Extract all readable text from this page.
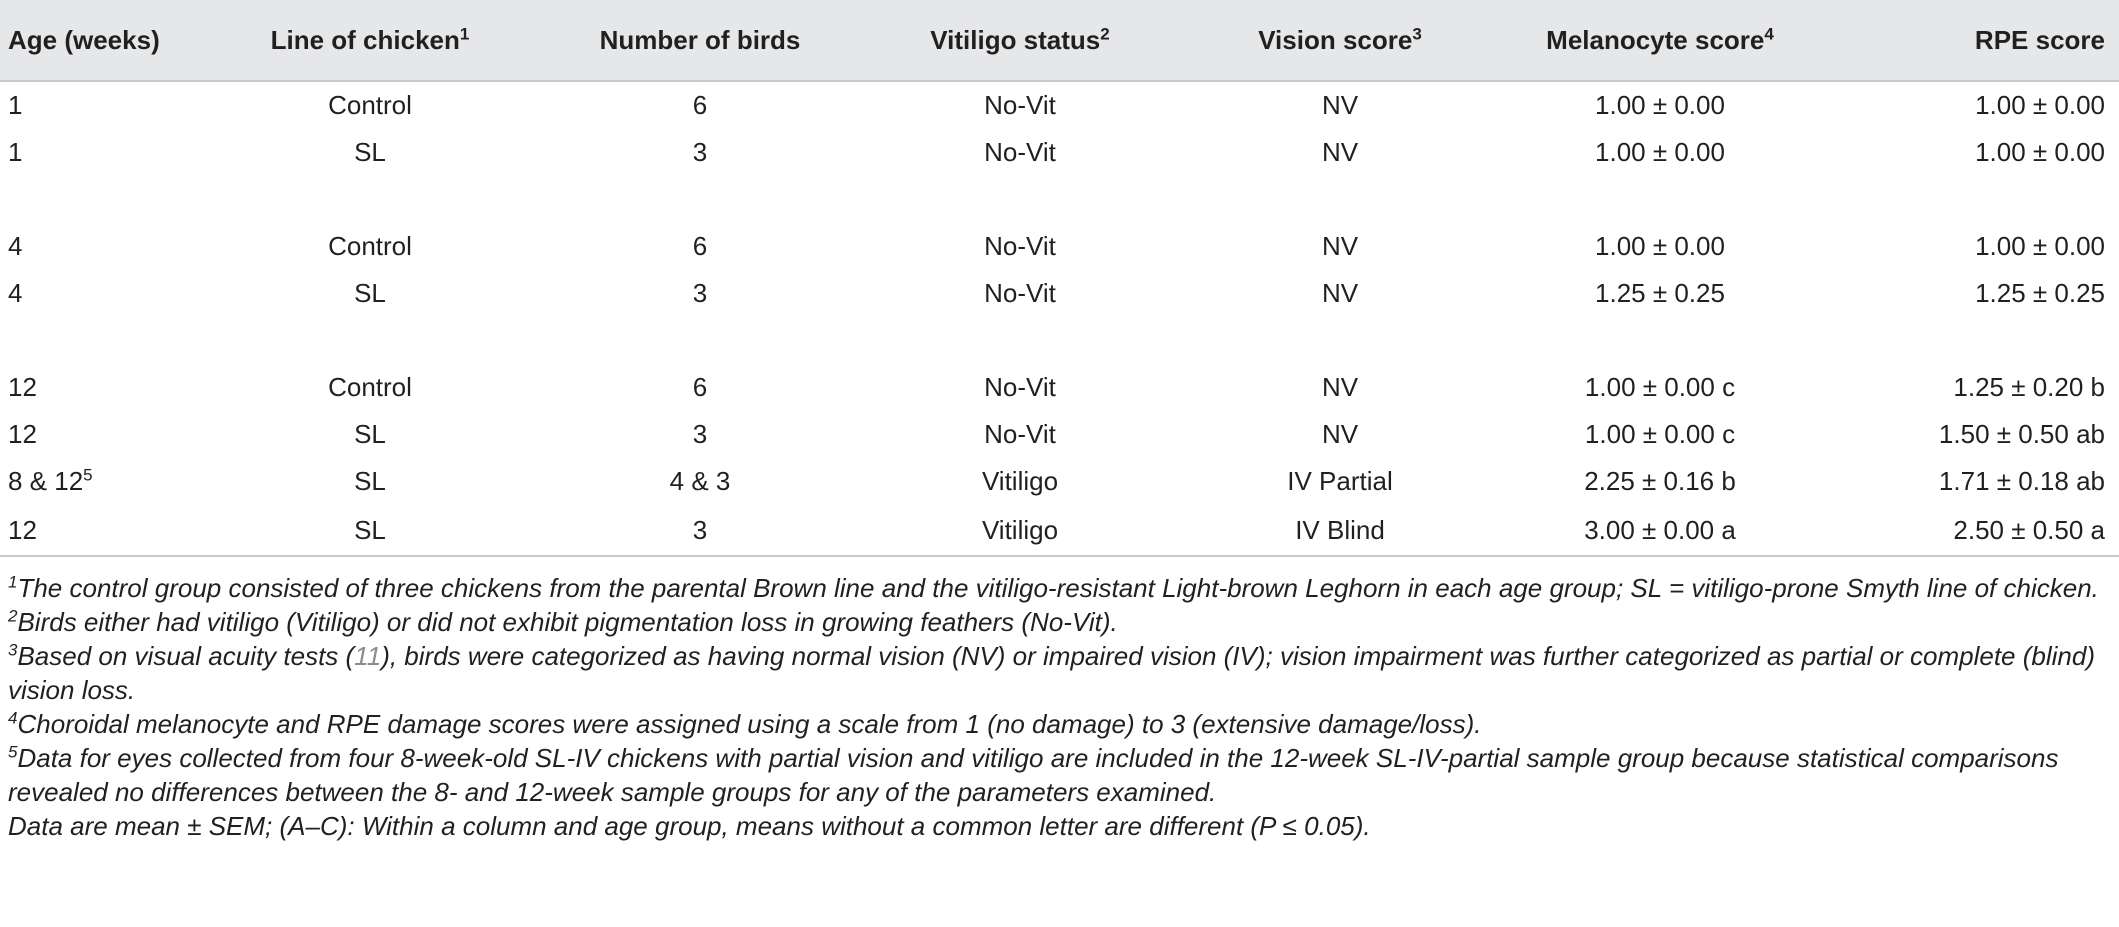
Age (weeks)	Line of chicken$^1$	Number of birds	Vitiligo status$^2$	Vision score$^3$	Melanocyte score$^4$	RPE score
1	Control	6	No-Vit	NV	1.00 ± 0.00	1.00 ± 0.00
1	SL	3	No-Vit	NV	1.00 ± 0.00	1.00 ± 0.00

4	Control	6	No-Vit	NV	1.00 ± 0.00	1.00 ± 0.00
4	SL	3	No-Vit	NV	1.25 ± 0.25	1.25 ± 0.25

12	Control	6	No-Vit	NV	1.00 ± 0.00 c	1.25 ± 0.20 b
12	SL	3	No-Vit	NV	1.00 ± 0.00 c	1.50 ± 0.50 ab
8 & $12^5$	SL	4 & 3	Vitiligo	IV Partial	2.25 ± 0.16 b	1.71 ± 0.18 ab
12	SL	3	Vitiligo	IV Blind	3.00 ± 0.00 a	2.50 ± 0.50 a

$^1$The control group consisted of three chickens from the parental Brown line and the vitiligo-resistant Light-brown Leghorn in each age group; SL = vitiligo-prone Smyth line of chicken.

$^2$Birds either had vitiligo (Vitiligo) or did not exhibit pigmentation loss in growing feathers (No-Vit).

$^3$Based on visual acuity tests (11), birds were categorized as having normal vision (NV) or impaired vision (IV); vision impairment was further categorized as partial or complete (blind) vision loss.

$^4$Choroidal melanocyte and RPE damage scores were assigned using a scale from 1 (no damage) to 3 (extensive damage/loss).

$^5$Data for eyes collected from four 8-week-old SL-IV chickens with partial vision and vitiligo are included in the 12-week SL-IV-partial sample group because statistical comparisons revealed no differences between the 8- and 12-week sample groups for any of the parameters examined.

Data are mean ± SEM; (A–C): Within a column and age group, means without a common letter are different (P ≤ 0.05).
